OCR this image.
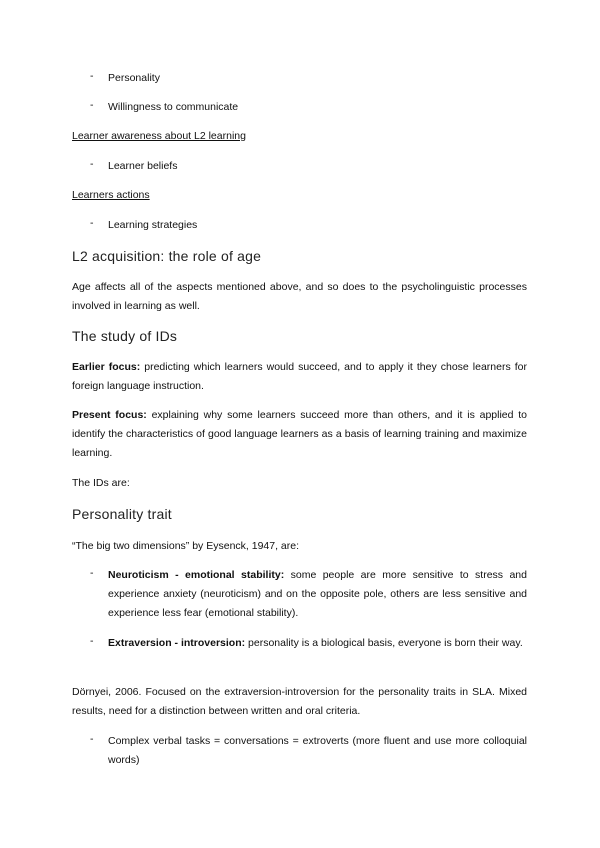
- Personality
- Willingness to communicate
Learner awareness about L2 learning
- Learner beliefs
Learners actions
- Learning strategies
L2 acquisition: the role of age
Age affects all of the aspects mentioned above, and so does to the psycholinguistic processes involved in learning as well.
The study of IDs
Earlier focus: predicting which learners would succeed, and to apply it they chose learners for foreign language instruction.
Present focus: explaining why some learners succeed more than others, and it is applied to identify the characteristics of good language learners as a basis of learning training and maximize learning.
The IDs are:
Personality trait
“The big two dimensions” by Eysenck, 1947, are:
- Neuroticism - emotional stability: some people are more sensitive to stress and experience anxiety (neuroticism) and on the opposite pole, others are less sensitive and experience less fear (emotional stability).
- Extraversion - introversion: personality is a biological basis, everyone is born their way.
Dörnyei, 2006. Focused on the extraversion-introversion for the personality traits in SLA. Mixed results, need for a distinction between written and oral criteria.
- Complex verbal tasks = conversations = extroverts (more fluent and use more colloquial words)
